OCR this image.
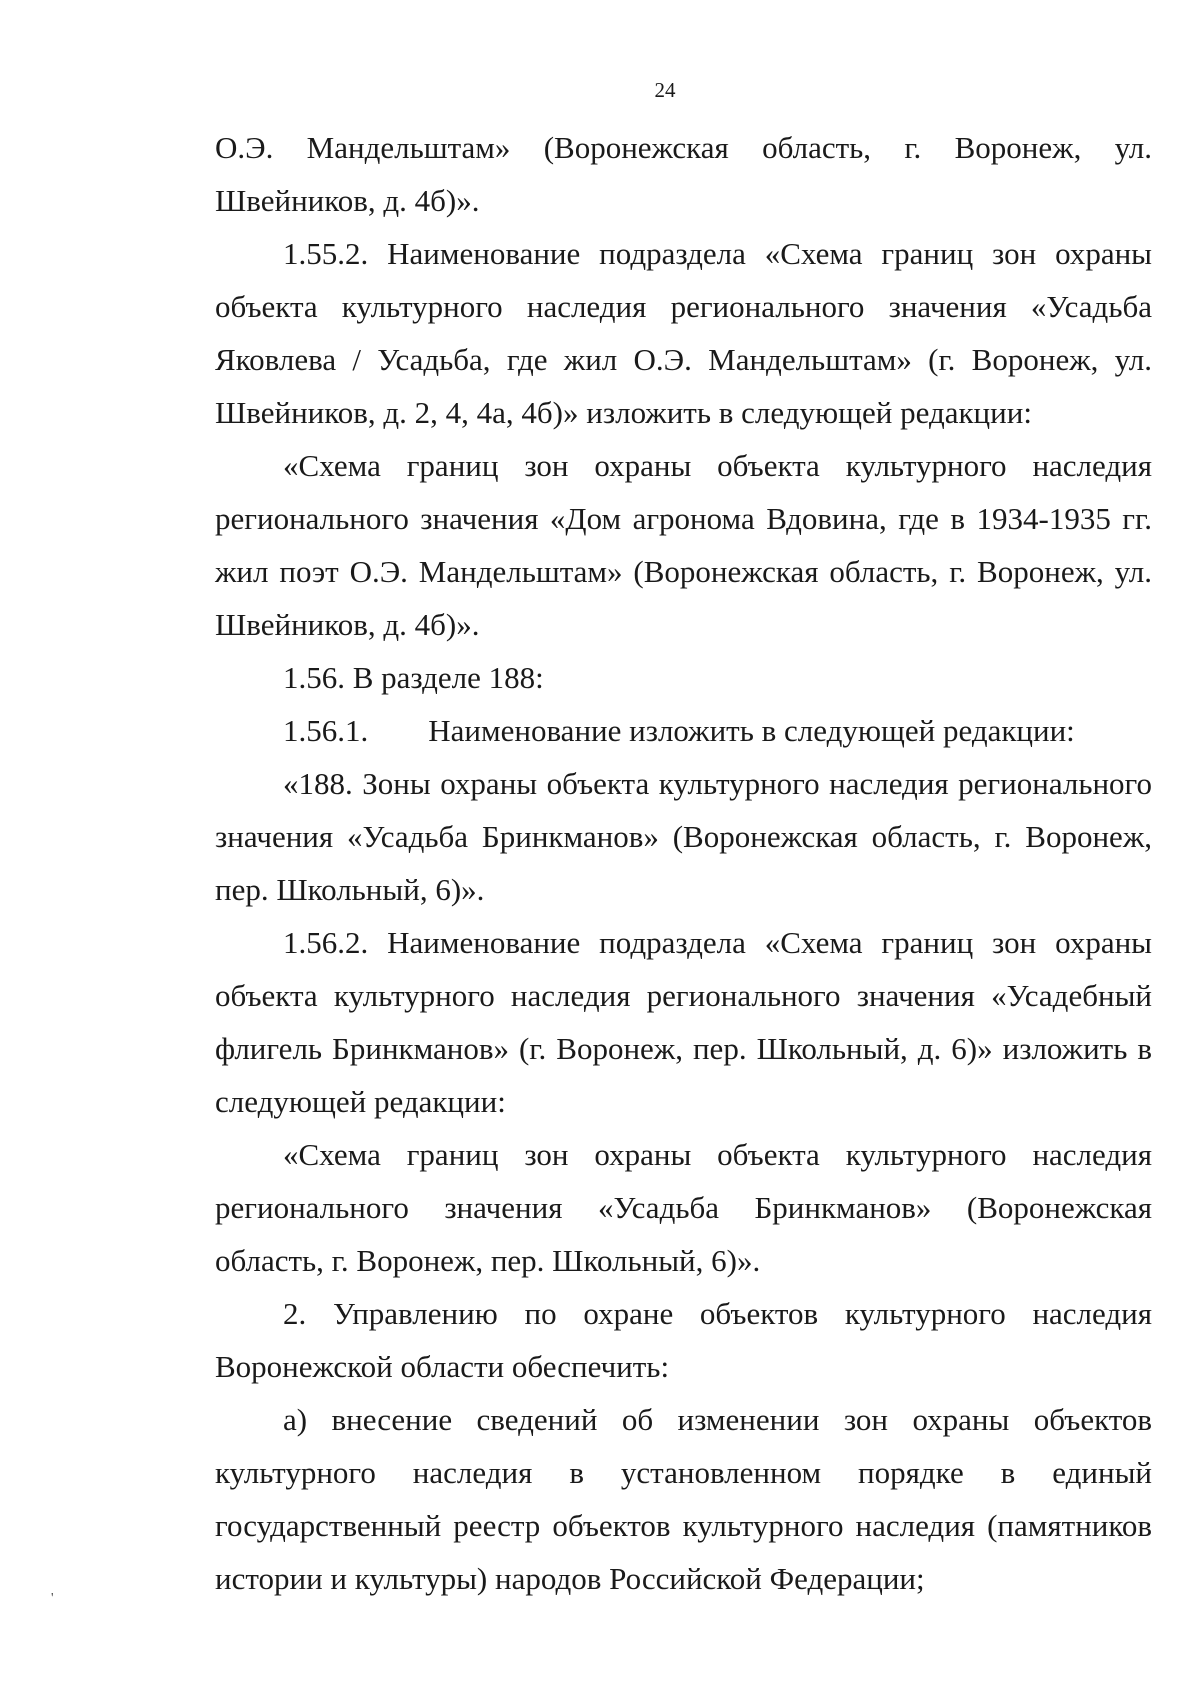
24

О.Э. Мандельштам» (Воронежская область, г. Воронеж, ул. Швейников, д. 4б)».

1.55.2. Наименование подраздела «Схема границ зон охраны объекта культурного наследия регионального значения «Усадьба Яковлева / Усадьба, где жил О.Э. Мандельштам» (г. Воронеж, ул. Швейников, д. 2, 4, 4а, 4б)» изложить в следующей редакции:

«Схема границ зон охраны объекта культурного наследия регионального значения «Дом агронома Вдовина, где в 1934-1935 гг. жил поэт О.Э. Мандельштам» (Воронежская область, г. Воронеж, ул. Швейников, д. 4б)».

1.56. В разделе 188:

1.56.1. Наименование изложить в следующей редакции:

«188. Зоны охраны объекта культурного наследия регионального значения «Усадьба Бринкманов» (Воронежская область, г. Воронеж, пер. Школьный, 6)».

1.56.2. Наименование подраздела «Схема границ зон охраны объекта культурного наследия регионального значения «Усадебный флигель Бринкманов» (г. Воронеж, пер. Школьный, д. 6)» изложить в следующей редакции:

«Схема границ зон охраны объекта культурного наследия регионального значения «Усадьба Бринкманов» (Воронежская область, г. Воронеж, пер. Школьный, 6)».

2. Управлению по охране объектов культурного наследия Воронежской области обеспечить:

а) внесение сведений об изменении зон охраны объектов культурного наследия в установленном порядке в единый государственный реестр объектов культурного наследия (памятников истории и культуры) народов Российской Федерации;

'
